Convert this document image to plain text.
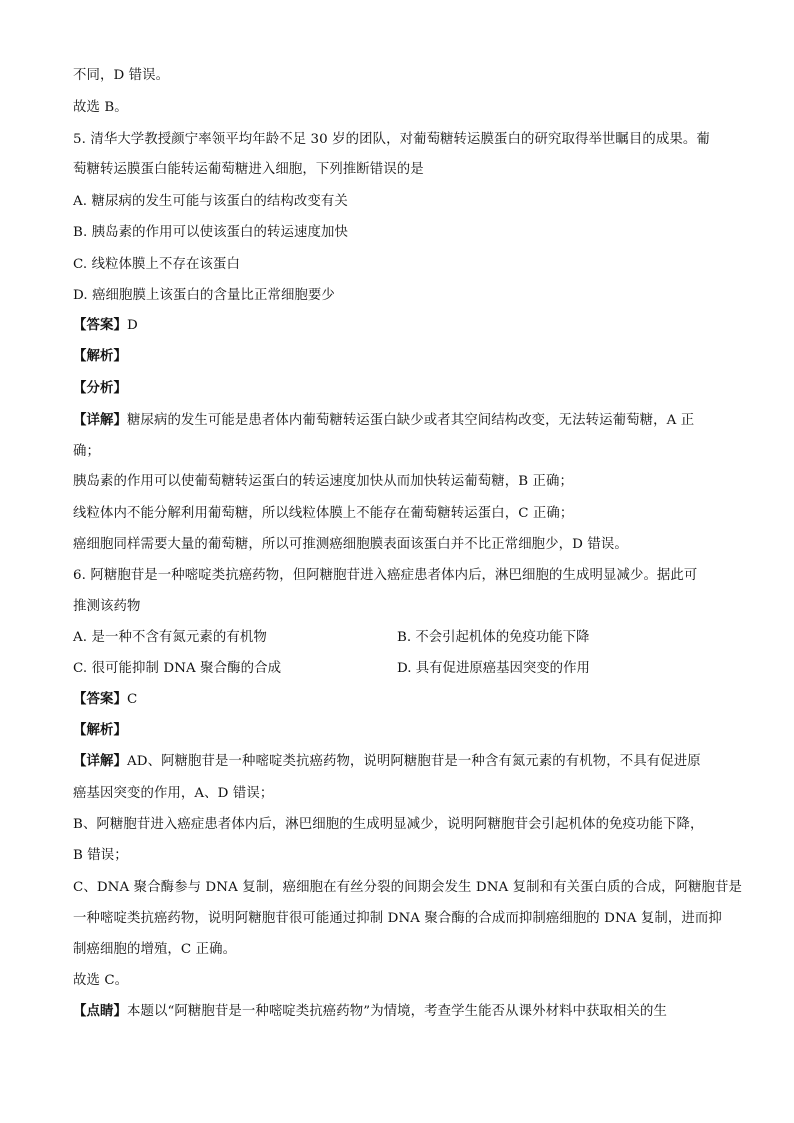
不同，D 错误。
故选 B。
5. 清华大学教授颜宁率领平均年龄不足 30 岁的团队，对葡萄糖转运膜蛋白的研究取得举世瞩目的成果。葡
萄糖转运膜蛋白能转运葡萄糖进入细胞，下列推断错误的是
A. 糖尿病的发生可能与该蛋白的结构改变有关
B. 胰岛素的作用可以使该蛋白的转运速度加快
C. 线粒体膜上不存在该蛋白
D. 癌细胞膜上该蛋白的含量比正常细胞要少
【答案】D
【解析】
【分析】
【详解】糖尿病的发生可能是患者体内葡萄糖转运蛋白缺少或者其空间结构改变，无法转运葡萄糖，A 正
确；
胰岛素的作用可以使葡萄糖转运蛋白的转运速度加快从而加快转运葡萄糖，B 正确；
线粒体内不能分解利用葡萄糖，所以线粒体膜上不能存在葡萄糖转运蛋白，C 正确；
癌细胞同样需要大量的葡萄糖，所以可推测癌细胞膜表面该蛋白并不比正常细胞少，D 错误。
6. 阿糖胞苷是一种嘧啶类抗癌药物，但阿糖胞苷进入癌症患者体内后，淋巴细胞的生成明显减少。据此可
推测该药物
A. 是一种不含有氮元素的有机物	B. 不会引起机体的免疫功能下降
C. 很可能抑制 DNA 聚合酶的合成	D. 具有促进原癌基因突变的作用
【答案】C
【解析】
【详解】AD、阿糖胞苷是一种嘧啶类抗癌药物，说明阿糖胞苷是一种含有氮元素的有机物，不具有促进原
癌基因突变的作用，A、D 错误；
B、阿糖胞苷进入癌症患者体内后，淋巴细胞的生成明显减少，说明阿糖胞苷会引起机体的免疫功能下降，
B 错误；
C、DNA 聚合酶参与 DNA 复制，癌细胞在有丝分裂的间期会发生 DNA 复制和有关蛋白质的合成，阿糖胞苷是
一种嘧啶类抗癌药物，说明阿糖胞苷很可能通过抑制 DNA 聚合酶的合成而抑制癌细胞的 DNA 复制，进而抑
制癌细胞的增殖，C 正确。
故选 C。
【点睛】本题以“阿糖胞苷是一种嘧啶类抗癌药物”为情境，考查学生能否从课外材料中获取相关的生
